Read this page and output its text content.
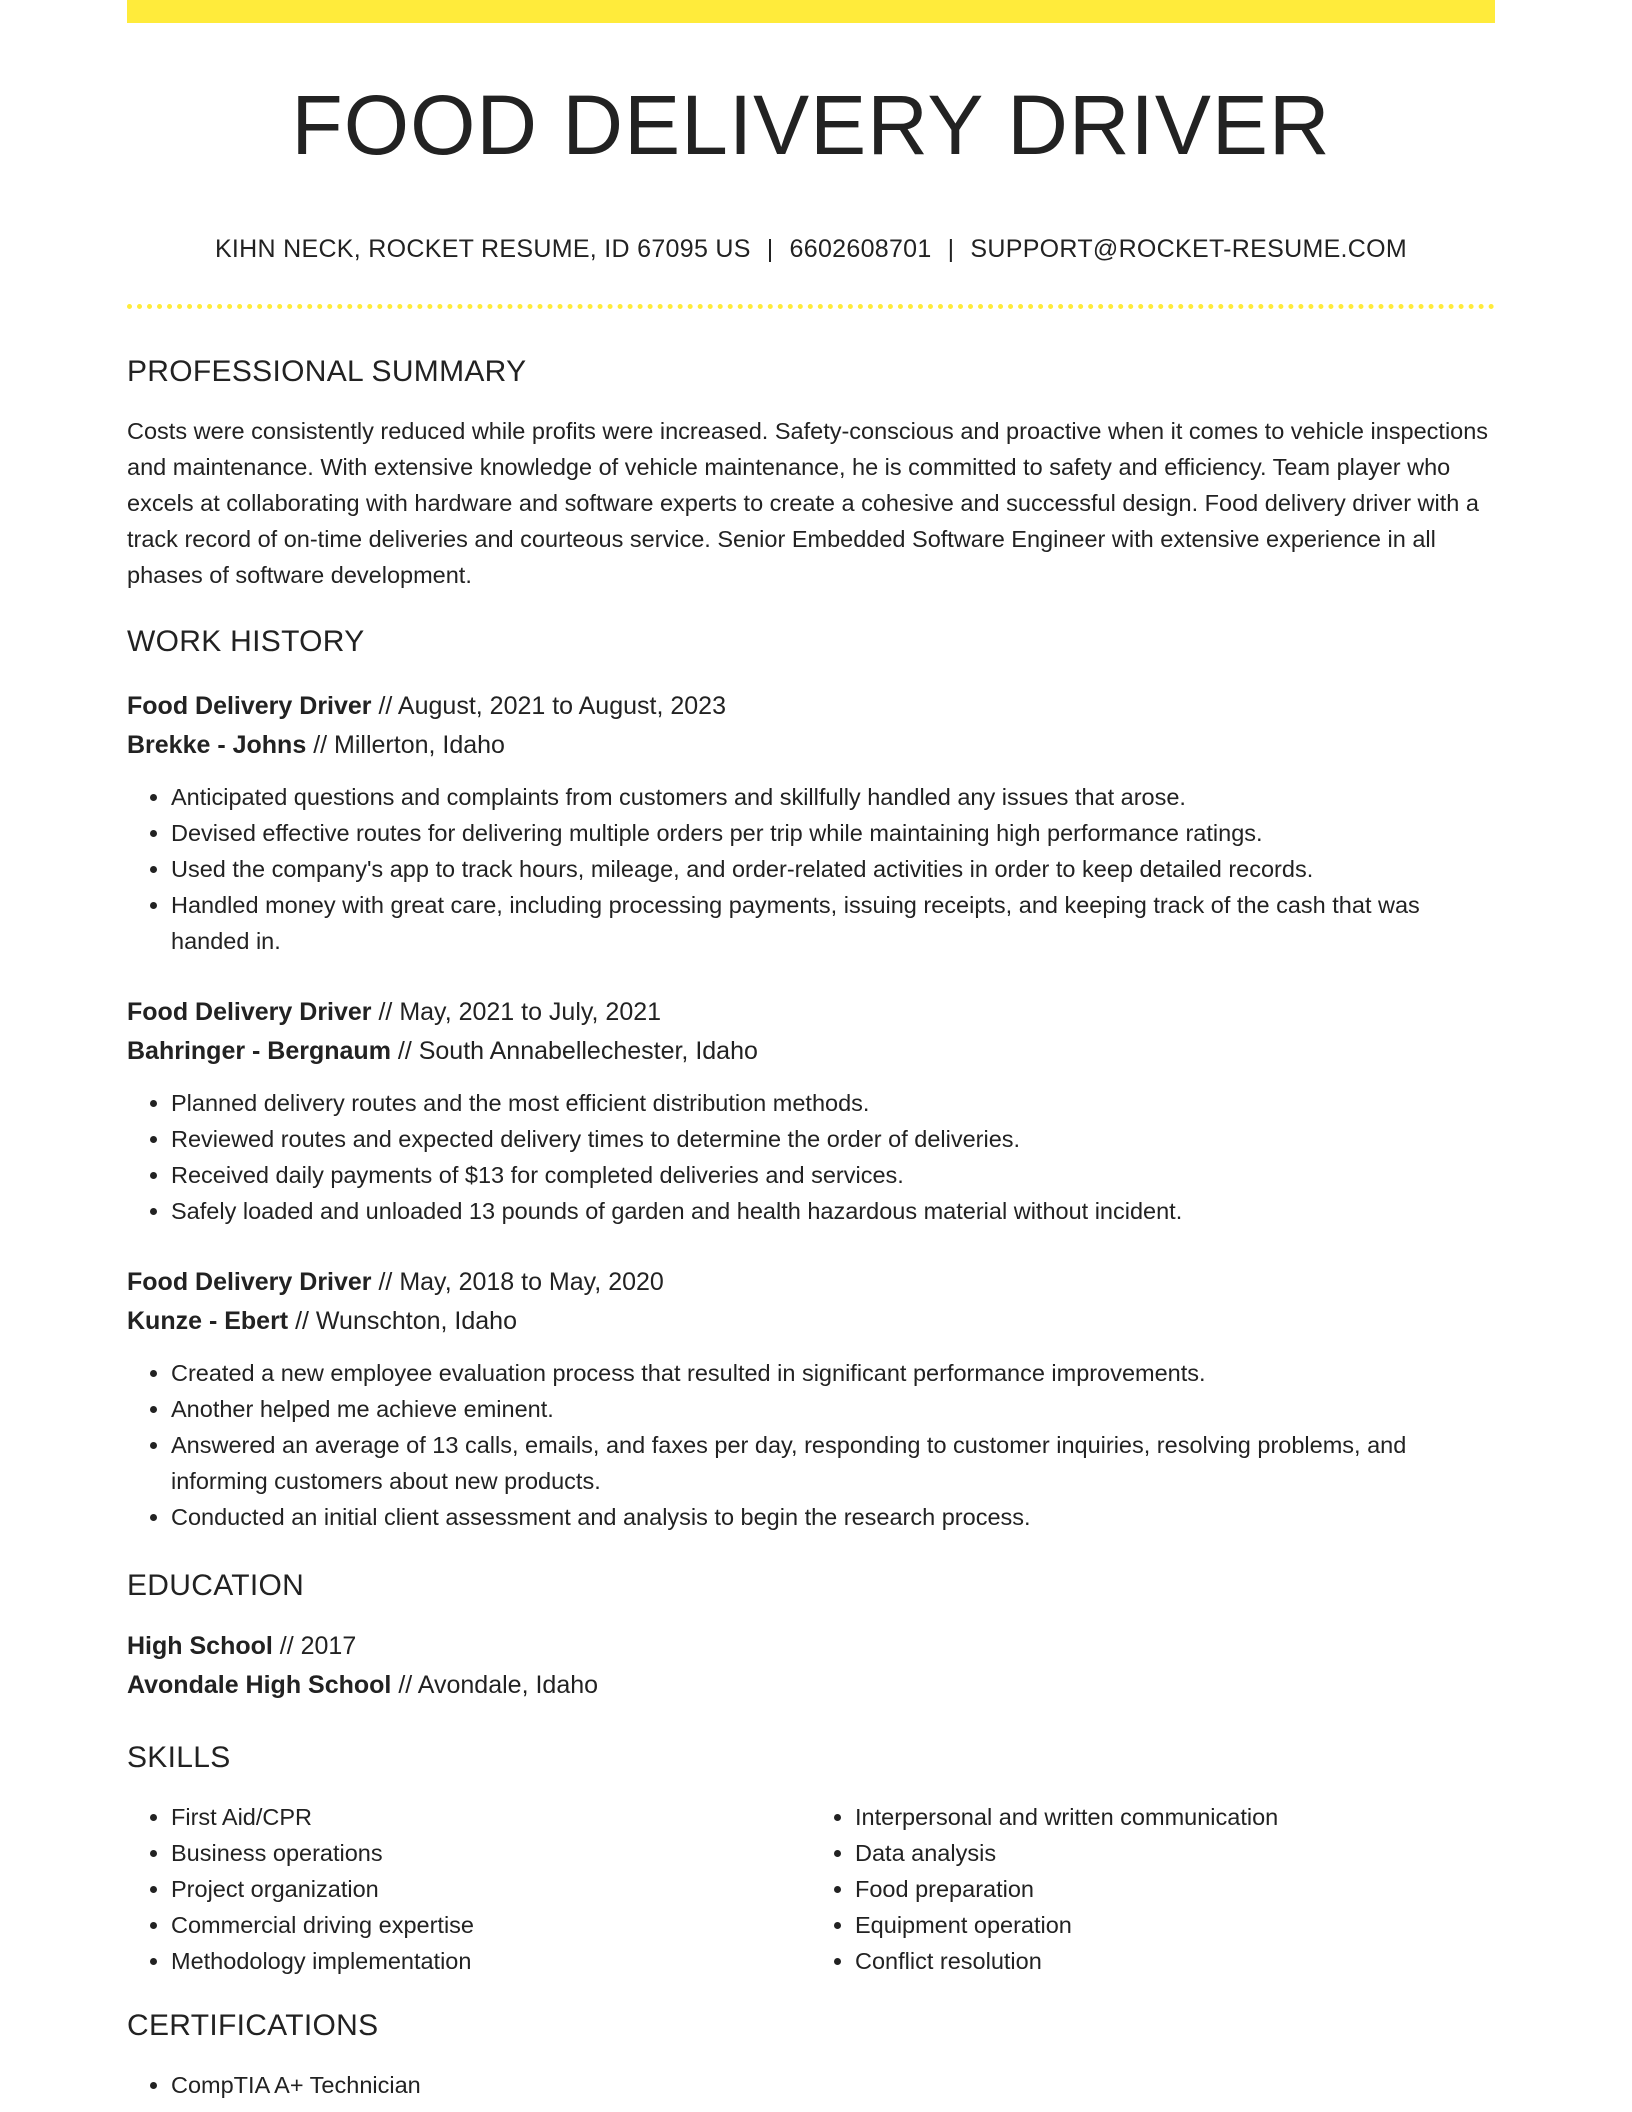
FOOD DELIVERY DRIVER
KIHN NECK, ROCKET RESUME, ID 67095 US | 6602608701 | SUPPORT@ROCKET-RESUME.COM
PROFESSIONAL SUMMARY

Costs were consistently reduced while profits were increased. Safety-conscious and proactive when it comes to vehicle inspections and maintenance. With extensive knowledge of vehicle maintenance, he is committed to safety and efficiency. Team player who excels at collaborating with hardware and software experts to create a cohesive and successful design. Food delivery driver with a track record of on-time deliveries and courteous service. Senior Embedded Software Engineer with extensive experience in all phases of software development.

WORK HISTORY
Food Delivery Driver // August, 2021 to August, 2023
Brekke - Johns // Millerton, Idaho
• Anticipated questions and complaints from customers and skillfully handled any issues that arose.
• Devised effective routes for delivering multiple orders per trip while maintaining high performance ratings.
• Used the company's app to track hours, mileage, and order-related activities in order to keep detailed records.
• Handled money with great care, including processing payments, issuing receipts, and keeping track of the cash that was handed in.
Food Delivery Driver // May, 2021 to July, 2021
Bahringer - Bergnaum // South Annabellechester, Idaho
• Planned delivery routes and the most efficient distribution methods.
• Reviewed routes and expected delivery times to determine the order of deliveries.
• Received daily payments of $13 for completed deliveries and services.
• Safely loaded and unloaded 13 pounds of garden and health hazardous material without incident.
Food Delivery Driver // May, 2018 to May, 2020
Kunze - Ebert // Wunschton, Idaho
• Created a new employee evaluation process that resulted in significant performance improvements.
• Another helped me achieve eminent.
• Answered an average of 13 calls, emails, and faxes per day, responding to customer inquiries, resolving problems, and informing customers about new products.
• Conducted an initial client assessment and analysis to begin the research process.
EDUCATION
High School // 2017
Avondale High School // Avondale, Idaho
SKILLS
• First Aid/CPR
• Business operations
• Project organization
• Commercial driving expertise
• Methodology implementation
• Interpersonal and written communication
• Data analysis
• Food preparation
• Equipment operation
• Conflict resolution
CERTIFICATIONS
• CompTIA A+ Technician
